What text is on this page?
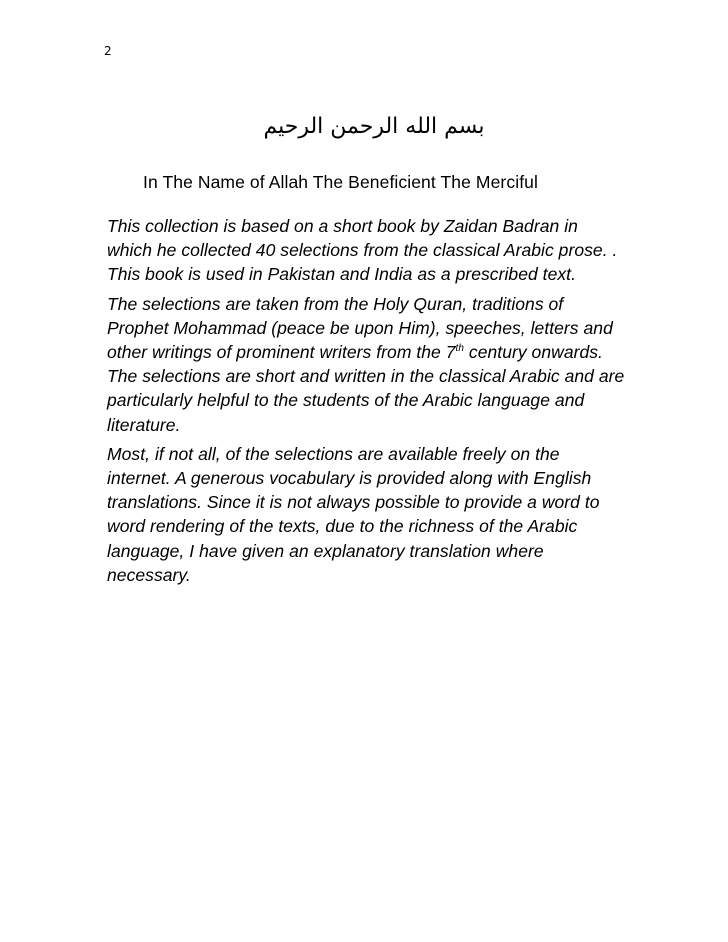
2
بسم الله الرحمن الرحيم
In The Name of Allah The Beneficient The Merciful

This collection is based on a short book by Zaidan Badran in which he collected 40 selections from the classical Arabic prose. . This book is used in Pakistan and India as a prescribed text.

The selections are taken from the Holy Quran, traditions of Prophet Mohammad (peace be upon Him), speeches, letters and other writings of prominent writers from the 7th century onwards. The selections are short and written in the classical Arabic and are particularly helpful to the students of the Arabic language and literature.

Most, if not all, of the selections are available freely on the internet. A generous vocabulary is provided along with English translations. Since it is not always possible to provide a word to word rendering of the texts, due to the richness of the Arabic language, I have given an explanatory translation where necessary.
